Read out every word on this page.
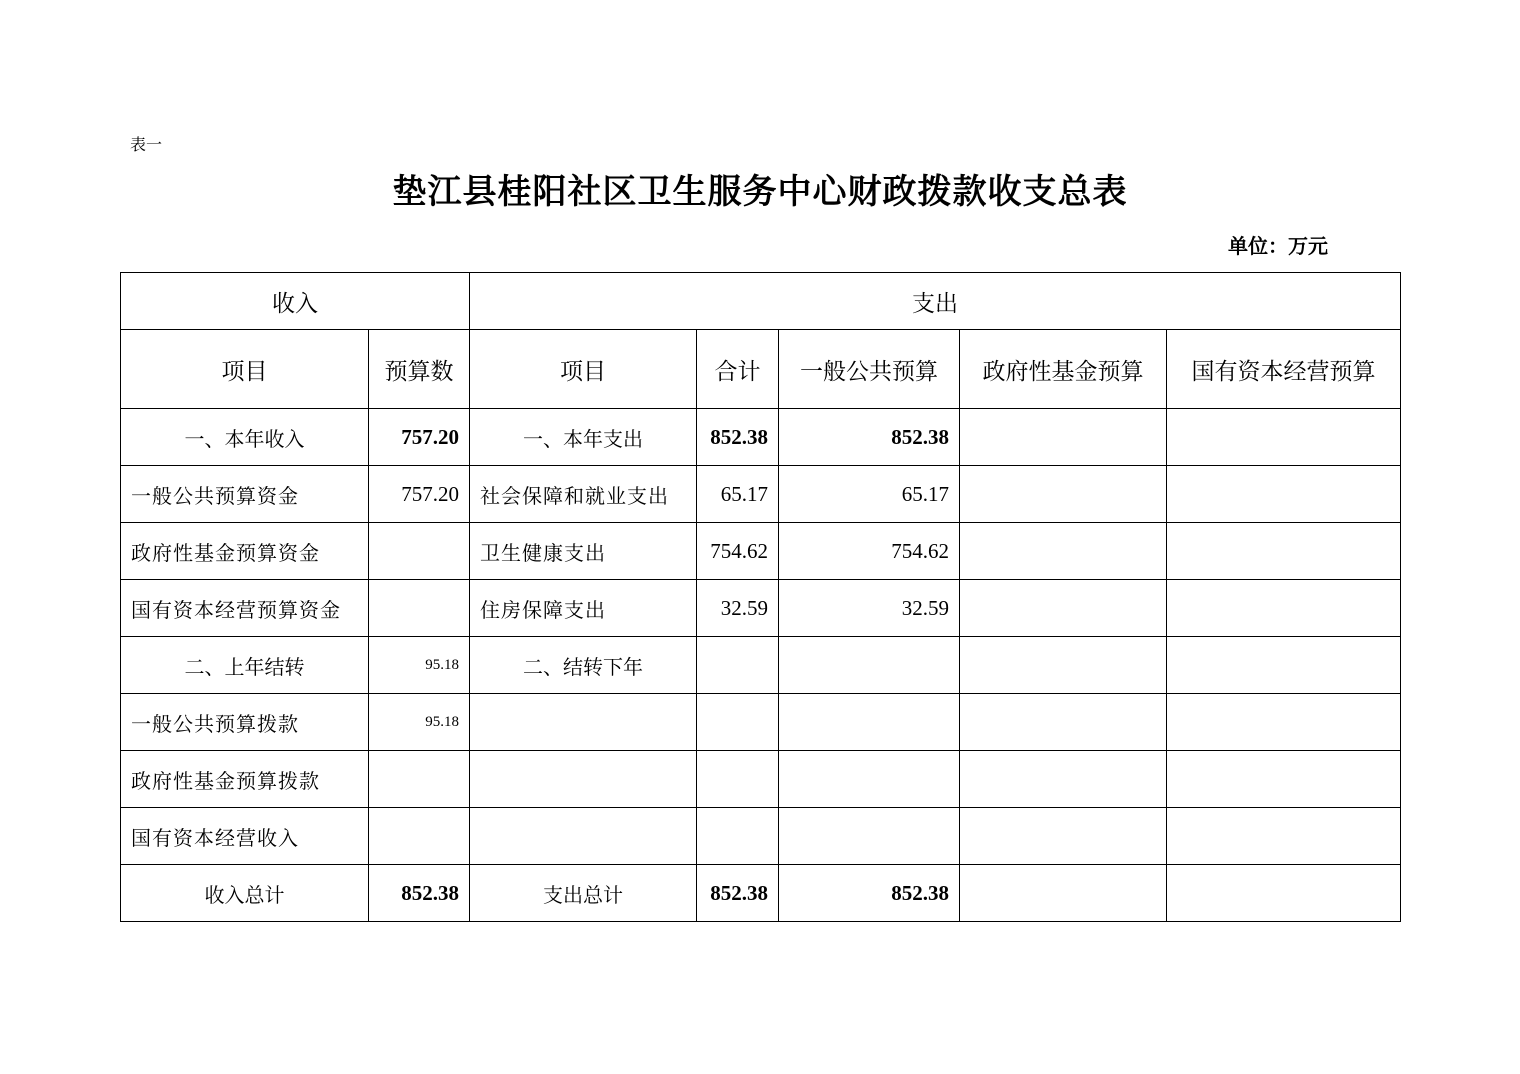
表一
垫江县桂阳社区卫生服务中心财政拨款收支总表
单位：万元
收入		支出				
项目	预算数	项目	合计	一般公共预算	政府性基金预算	国有资本经营预算
一、本年收入	757.20	一、本年支出	852.38	852.38		
一般公共预算资金	757.20	社会保障和就业支出	65.17	65.17		
政府性基金预算资金		卫生健康支出	754.62	754.62		
国有资本经营预算资金		住房保障支出	32.59	32.59		
二、上年结转	95.18	二、结转下年				
一般公共预算拨款	95.18					
政府性基金预算拨款						
国有资本经营收入						
收入总计	852.38	支出总计	852.38	852.38		
